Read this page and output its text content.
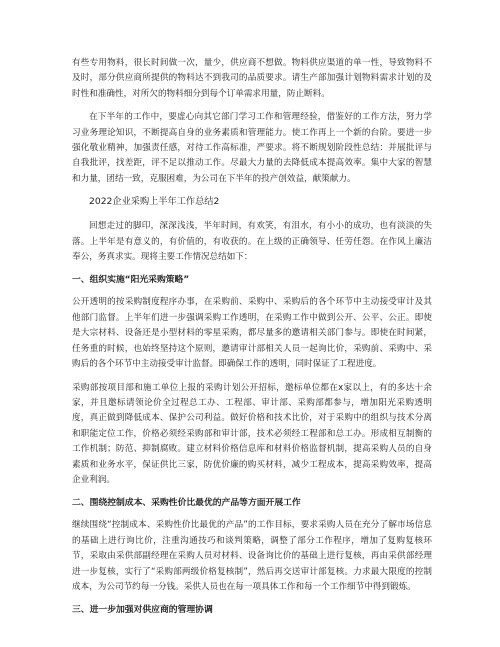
有些专用物料，很长时间做一次，量少，供应商不想做。物料供应渠道的单一性，导致物料不及时，部分供应商所提供的物料达不到我司的品质要求。请生产部加强计划物料需求计划的及时性和准确性，对所欠的物料细分到每个订单需求用量，防止断料。

在下半年的工作中，要虚心向其它部门学习工作和管理经验，借鉴好的工作方法，努力学习业务理论知识，不断提高自身的业务素质和管理能力。使工作再上一个新的台阶。要进一步强化敬业精神，加强责任感，对待工作高标准，严要求。将不断规划阶段性总结：并展批评与自我批评，找差距，评不足以推动工作。尽最大力量的去降低成本提高效率。集中大家的智慧和力量，团结一致，克服困难，为公司在下半年的投产创效益，献策献力。

2022企业采购上半年工作总结2

回想走过的脚印，深深浅浅，半年时间，有欢笑，有泪水，有小小的成功，也有淡淡的失落。上半年是有意义的，有价值的，有收获的。在上级的正确领导、任劳任怨。在作风上廉洁奉公，务真求实。现将主要工作情况总结如下：

一、组织实施“阳光采购策略”

公开透明的按采购制度程序办事，在采购前、采购中、采购后的各个环节中主动接受审计及其他部门监督。上半年们进一步强调采购工作透明，在采购工作中做到公开、公平、公正。即使是大宗材料、设备还是小型材料的零星采购，都尽量多的邀请相关部门参与。即使在时间紧，任务重的时候，也始终坚持这个原则，邀请审计部相关人员一起询比价，采购前、采购中、采购后的各个环节中主动接受审计监督。即确保工作的透明，同时保证了工程进度。

采购部按项目部和施工单位上报的采购计划公开招标，邀标单位都在x家以上，有的多达十余家，并且邀标请领论价全过程总工办、工程部、审计部、采购部都参与，增加阳光采购透明度，真正做到降低成本、保护公司利益。做好价格和技术比价，对于采购中的组织与技术分离和职能定位工作，价格必须经采购部和审计部，技术必须经工程部和总工办。形成相互制衡的工作机制；防范、抑制腐败。建立材料价格信息库和材料价格监督机制，提高采购人员的自身素质和业务水平，保证供比三家，防优价廉的购买材料，减少工程成本，提高采购效率，提高企业利润。

二、围绕控制成本、采购性价比最优的产品等方面开展工作

继续围绕“控制成本、采购性价比最优的产品”的工作目标，要求采购人员在充分了解市场信息的基础上进行询比价，注重沟通技巧和谈判策略，调整了部分工作程序，增加了复购复核环节，采取由采供部副经理在采购人员对材料、设备询比价的基础上进行复核，再由采供部经理进一步复核，实行了“采购部两级价格复核制”，然后再交送审计部复核。力求最大限度的控制成本，为公司节约每一分钱。采供人员也在每一项具体工作和每一个工作细节中得到锻炼。

三、进一步加强对供应商的管理协调
